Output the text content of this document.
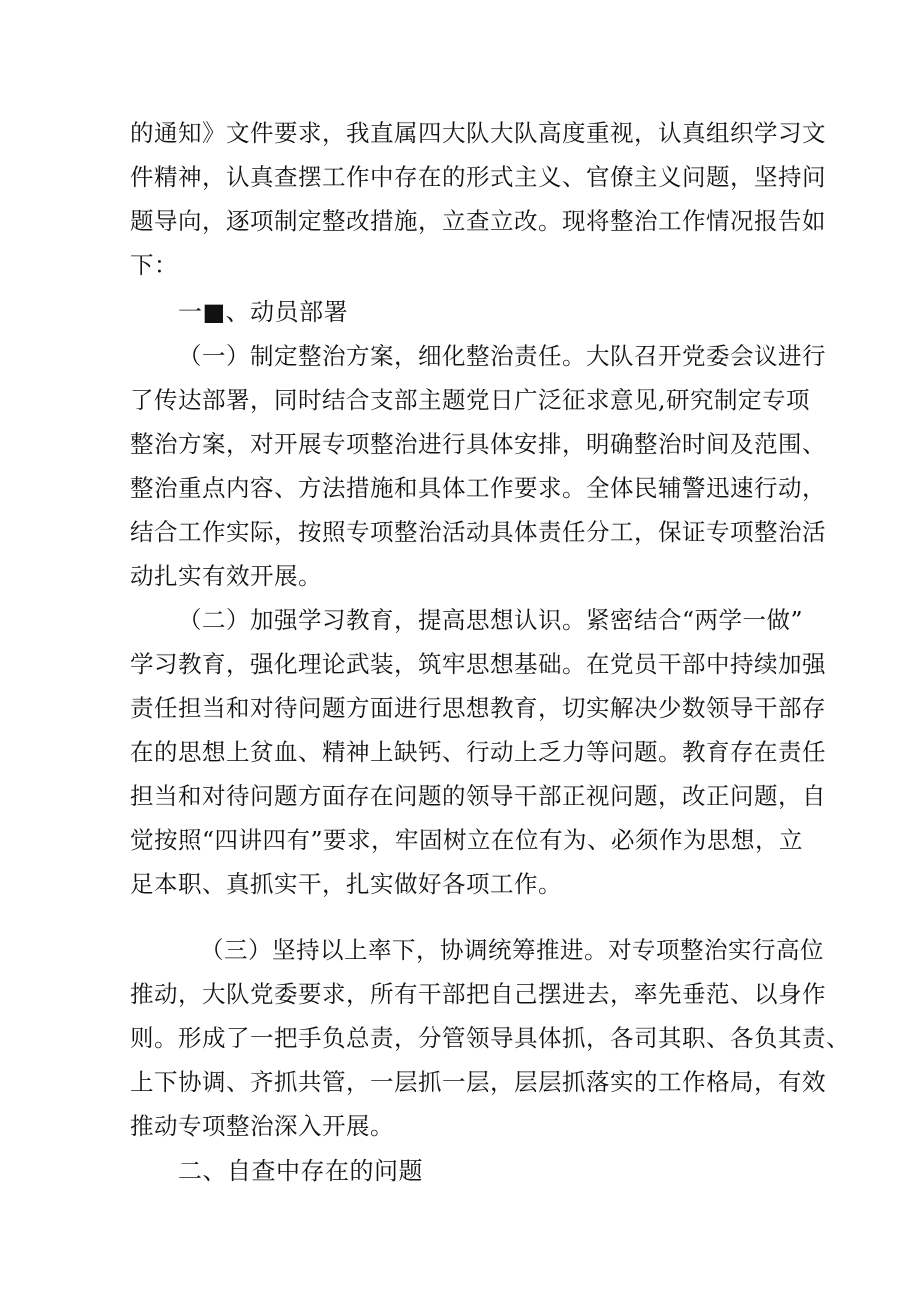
的通知》文件要求，我直属四大队大队高度重视，认真组织学习文
件精神，认真查摆工作中存在的形式主义、官僚主义问题，坚持问
题导向，逐项制定整改措施，立查立改。现将整治工作情况报告如
下：
一■、动员部署
（一）制定整治方案，细化整治责任。大队召开党委会议进行
了传达部署，同时结合支部主题党日广泛征求意见,研究制定专项
整治方案，对开展专项整治进行具体安排，明确整治时间及范围、
整治重点内容、方法措施和具体工作要求。全体民辅警迅速行动，
结合工作实际，按照专项整治活动具体责任分工，保证专项整治活
动扎实有效开展。
（二）加强学习教育，提高思想认识。紧密结合“两学一做”
学习教育，强化理论武装，筑牢思想基础。在党员干部中持续加强
责任担当和对待问题方面进行思想教育，切实解决少数领导干部存
在的思想上贫血、精神上缺钙、行动上乏力等问题。教育存在责任
担当和对待问题方面存在问题的领导干部正视问题，改正问题，自
觉按照“四讲四有”要求，牢固树立在位有为、必须作为思想，立
足本职、真抓实干，扎实做好各项工作。
（三）坚持以上率下，协调统筹推进。对专项整治实行高位
推动，大队党委要求，所有干部把自己摆进去，率先垂范、以身作
则。形成了一把手负总责，分管领导具体抓，各司其职、各负其责、
上下协调、齐抓共管，一层抓一层，层层抓落实的工作格局，有效
推动专项整治深入开展。
二、自查中存在的问题
